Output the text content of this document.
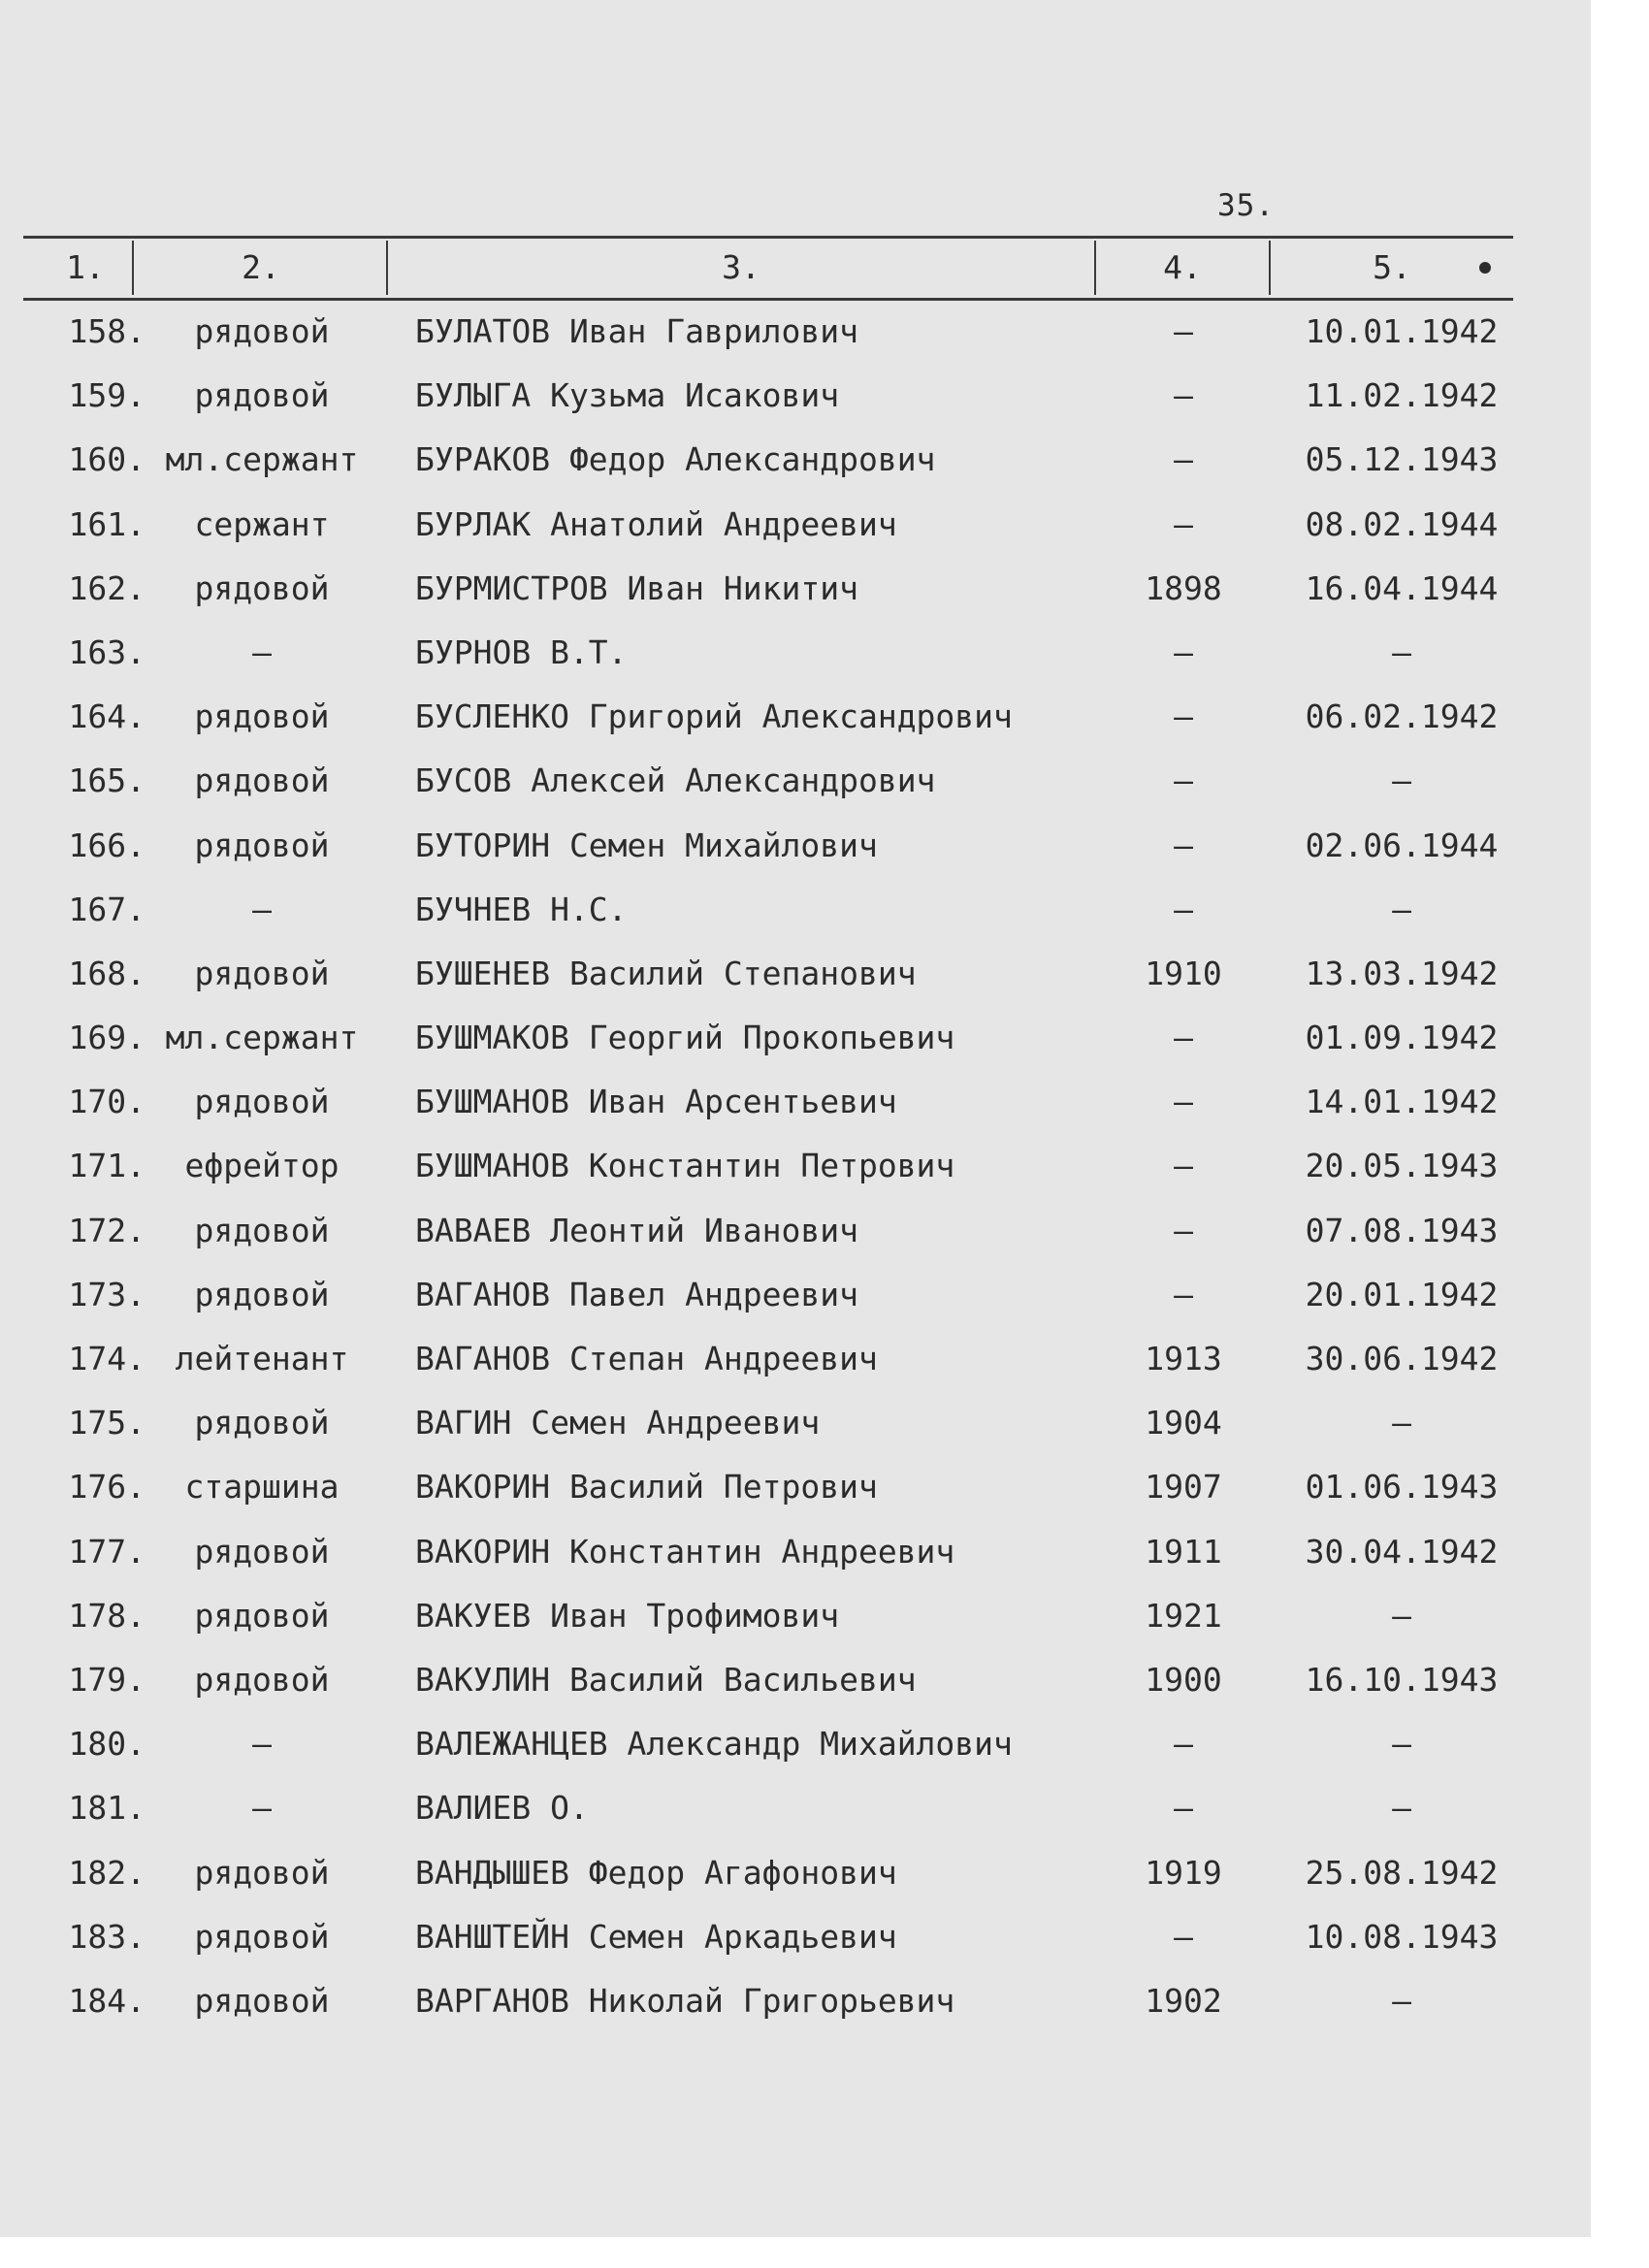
35.
1.	2.	3.	4.	5.
158.	рядовой	БУЛАТОВ Иван Гаврилович	–	10.01.1942
159.	рядовой	БУЛЫГА Кузьма Исакович	–	11.02.1942
160. мл.сержант	БУРАКОВ Федор Александрович	–	05.12.1943
161.	сержант	БУРЛАК Анатолий Андреевич	–	08.02.1944
162.	рядовой	БУРМИСТРОВ Иван Никитич	1898	16.04.1944
163.	–	БУРНОВ В.Т.	–	–
164.	рядовой	БУСЛЕНКО Григорий Александрович	–	06.02.1942
165.	рядовой	БУСОВ Алексей Александрович	–	–
166.	рядовой	БУТОРИН Семен Михайлович	–	02.06.1944
167.	–	БУЧНЕВ Н.С.	–	–
168.	рядовой	БУШЕНЕВ Василий Степанович	1910	13.03.1942
169. мл.сержант	БУШМАКОВ Георгий Прокопьевич	–	01.09.1942
170.	рядовой	БУШМАНОВ Иван Арсентьевич	–	14.01.1942
171.	ефрейтор	БУШМАНОВ Константин Петрович	–	20.05.1943
172.	рядовой	ВАВАЕВ Леонтий Иванович	–	07.08.1943
173.	рядовой	ВАГАНОВ Павел Андреевич	–	20.01.1942
174. лейтенант	ВАГАНОВ Степан Андреевич	1913	30.06.1942
175.	рядовой	ВАГИН Семен Андреевич	1904	–
176.	старшина	ВАКОРИН Василий Петрович	1907	01.06.1943
177.	рядовой	ВАКОРИН Константин Андреевич	1911	30.04.1942
178.	рядовой	ВАКУЕВ Иван Трофимович	1921	–
179.	рядовой	ВАКУЛИН Василий Васильевич	1900	16.10.1943
180.	–	ВАЛЕЖАНЦЕВ Александр Михайлович	–	–
181.	–	ВАЛИЕВ О.	–	–
182.	рядовой	ВАНДЫШЕВ Федор Агафонович	1919	25.08.1942
183.	рядовой	ВАНШТЕЙН Семен Аркадьевич	–	10.08.1943
184.	рядовой	ВАРГАНОВ Николай Григорьевич	1902	–
